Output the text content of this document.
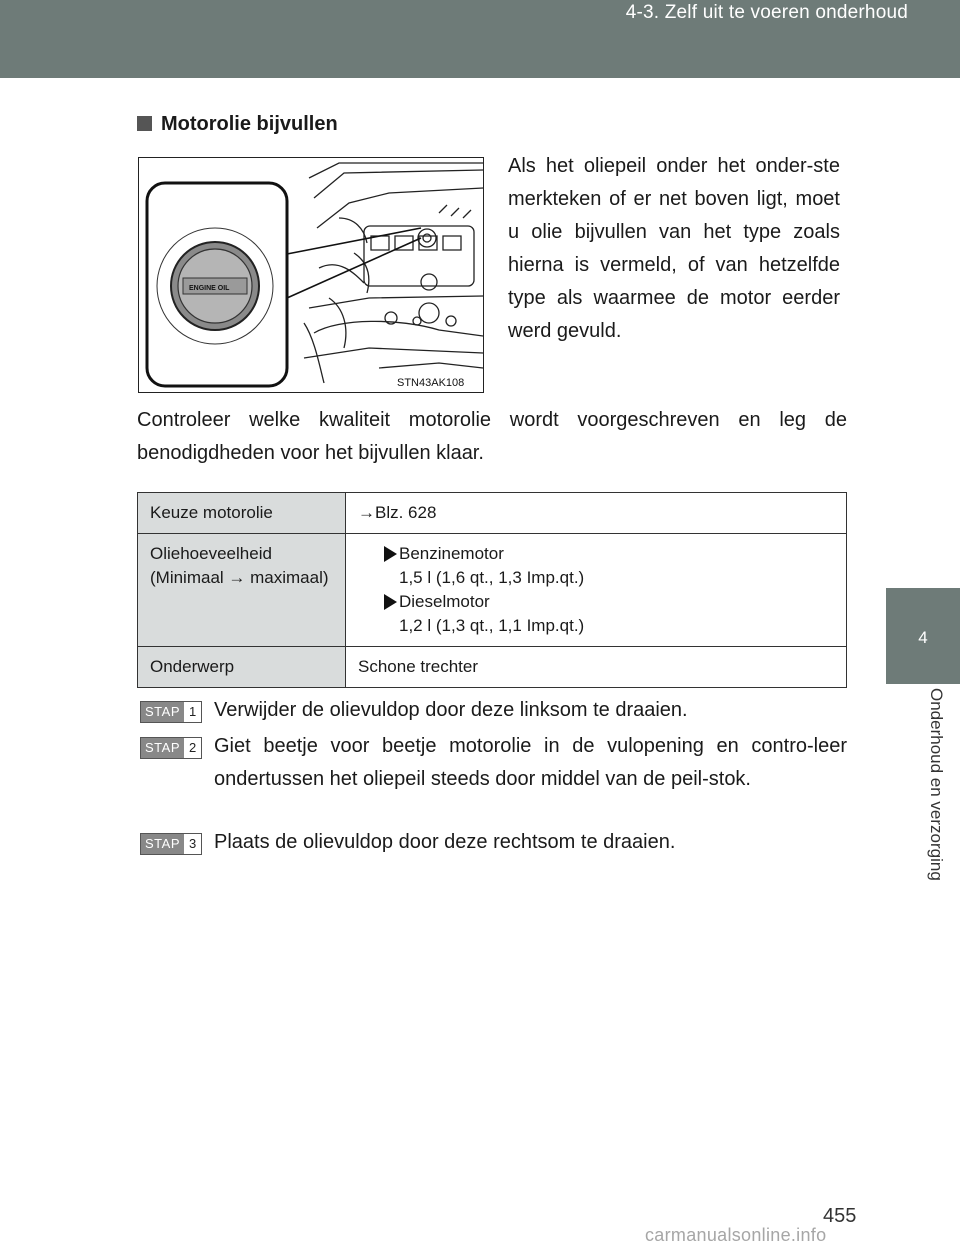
4-3. Zelf uit te voeren onderhoud
4
Onderhoud en verzorging
Motorolie bijvullen
ENGINE OIL
STN43AK108
Als het oliepeil onder het onder-ste merkteken of er net boven ligt, moet u olie bijvullen van het type zoals hierna is vermeld, of van hetzelfde type als waarmee de motor eerder werd gevuld.
Controleer welke kwaliteit motorolie wordt voorgeschreven en leg de benodigdheden voor het bijvullen klaar.
Keuze motorolie	→Blz. 628
Oliehoeveelheid (Minimaal → maximaal)	Benzinemotor
1,5 l (1,6 qt., 1,3 Imp.qt.)
Dieselmotor
1,2 l (1,3 qt., 1,1 Imp.qt.)

Onderwerp	Schone trechter
STAP 1 Verwijder de olievuldop door deze linksom te draaien.
STAP 2 Giet beetje voor beetje motorolie in de vulopening en contro-leer ondertussen het oliepeil steeds door middel van de peil-stok.
STAP 3 Plaats de olievuldop door deze rechtsom te draaien.
455
carmanualsonline.info
